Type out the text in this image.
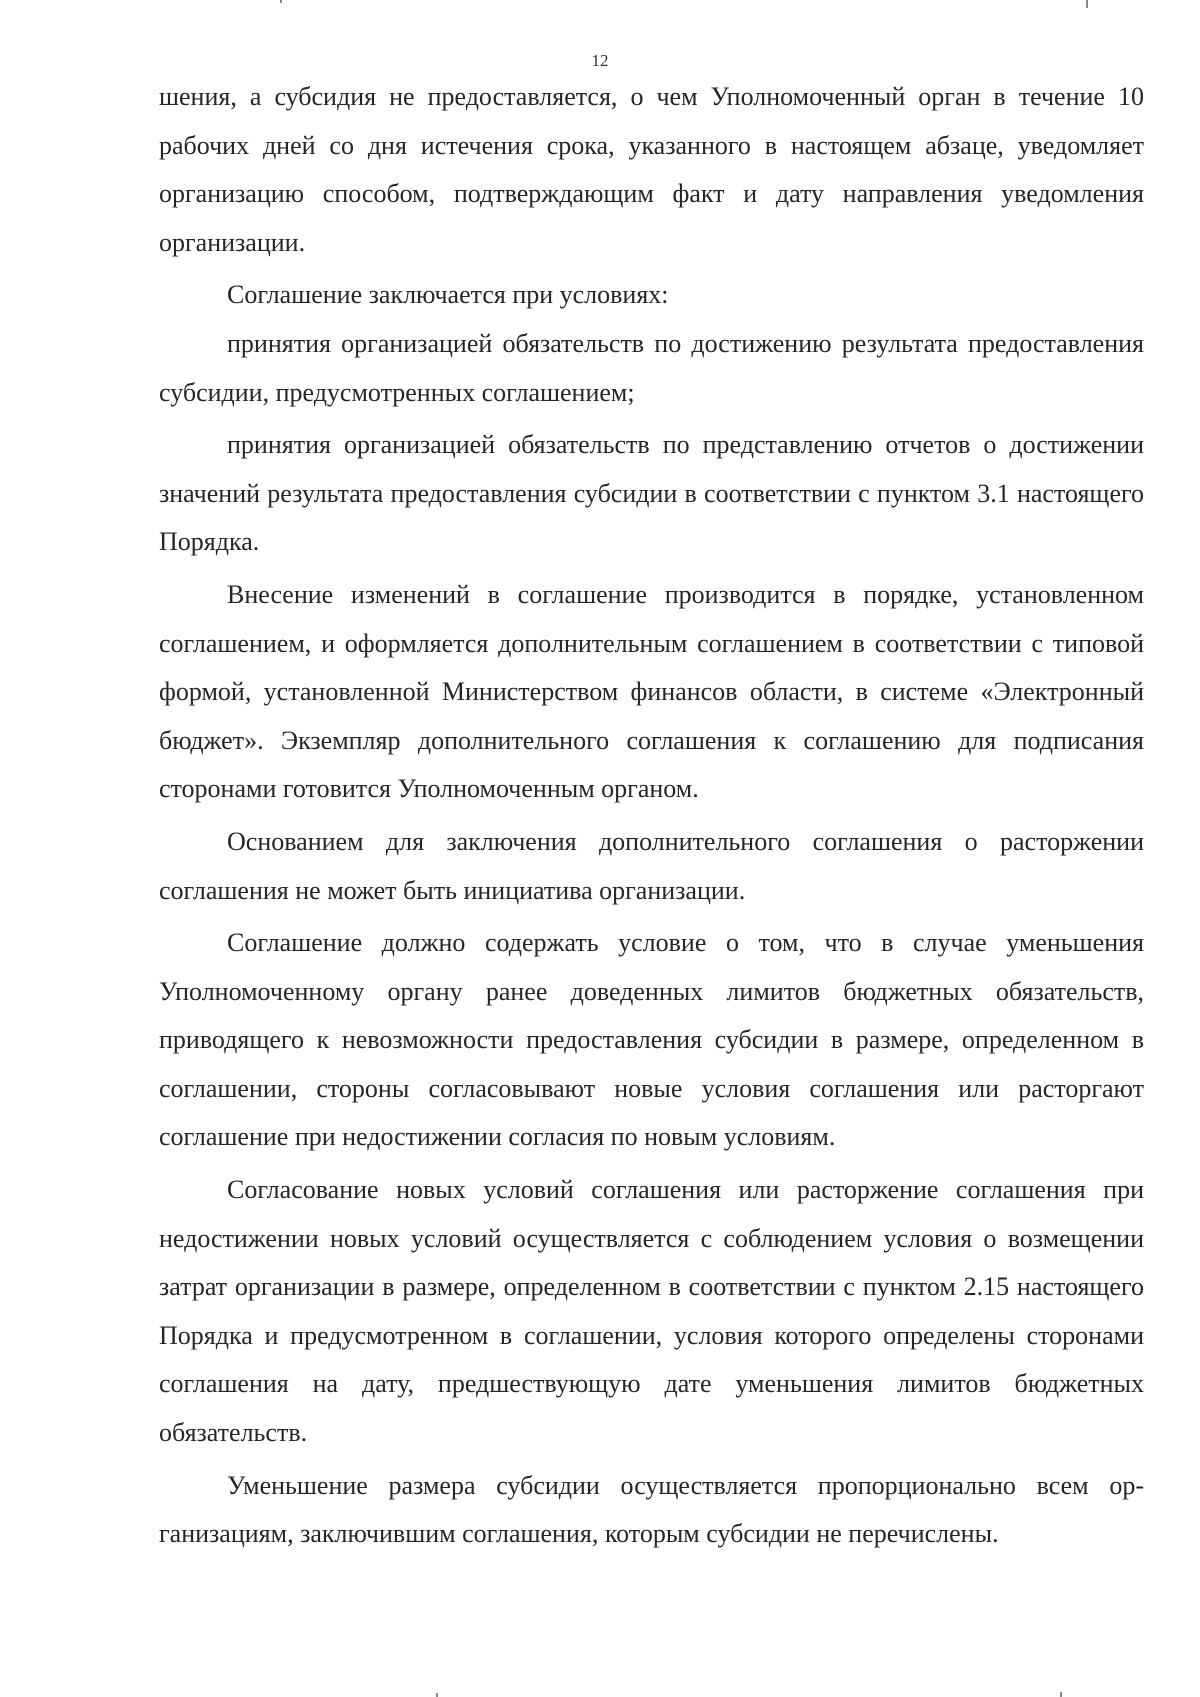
12

шения, а субсидия не предоставляется, о чем Уполномоченный орган в течение 10 рабочих дней со дня истечения срока, указанного в настоящем абзаце, уведомляет организацию способом, подтверждающим факт и дату направления уведомления организации.

Соглашение заключается при условиях:

принятия организацией обязательств по достижению результата предоставления субсидии, предусмотренных соглашением;

принятия организацией обязательств по представлению отчетов о достижении значений результата предоставления субсидии в соответствии с пунктом 3.1 настоящего Порядка.

Внесение изменений в соглашение производится в порядке, установленном соглашением, и оформляется дополнительным соглашением в соответствии с типовой формой, установленной Министерством финансов области, в системе «Электронный бюджет». Экземпляр дополнительного соглашения к соглашению для подписания сторонами готовится Уполномоченным органом.

Основанием для заключения дополнительного соглашения о расторжении соглашения не может быть инициатива организации.

Соглашение должно содержать условие о том, что в случае уменьшения Уполномоченному органу ранее доведенных лимитов бюджетных обязательств, приводящего к невозможности предоставления субсидии в размере, определенном в соглашении, стороны согласовывают новые условия соглашения или расторгают соглашение при недостижении согласия по новым условиям.

Согласование новых условий соглашения или расторжение соглашения при недостижении новых условий осуществляется с соблюдением условия о возмещении затрат организации в размере, определенном в соответствии с пунктом 2.15 настоящего Порядка и предусмотренном в соглашении, условия которого определены сторонами соглашения на дату, предшествующую дате уменьшения лимитов бюджетных обязательств.

Уменьшение размера субсидии осуществляется пропорционально всем организациям, заключившим соглашения, которым субсидии не перечислены.
